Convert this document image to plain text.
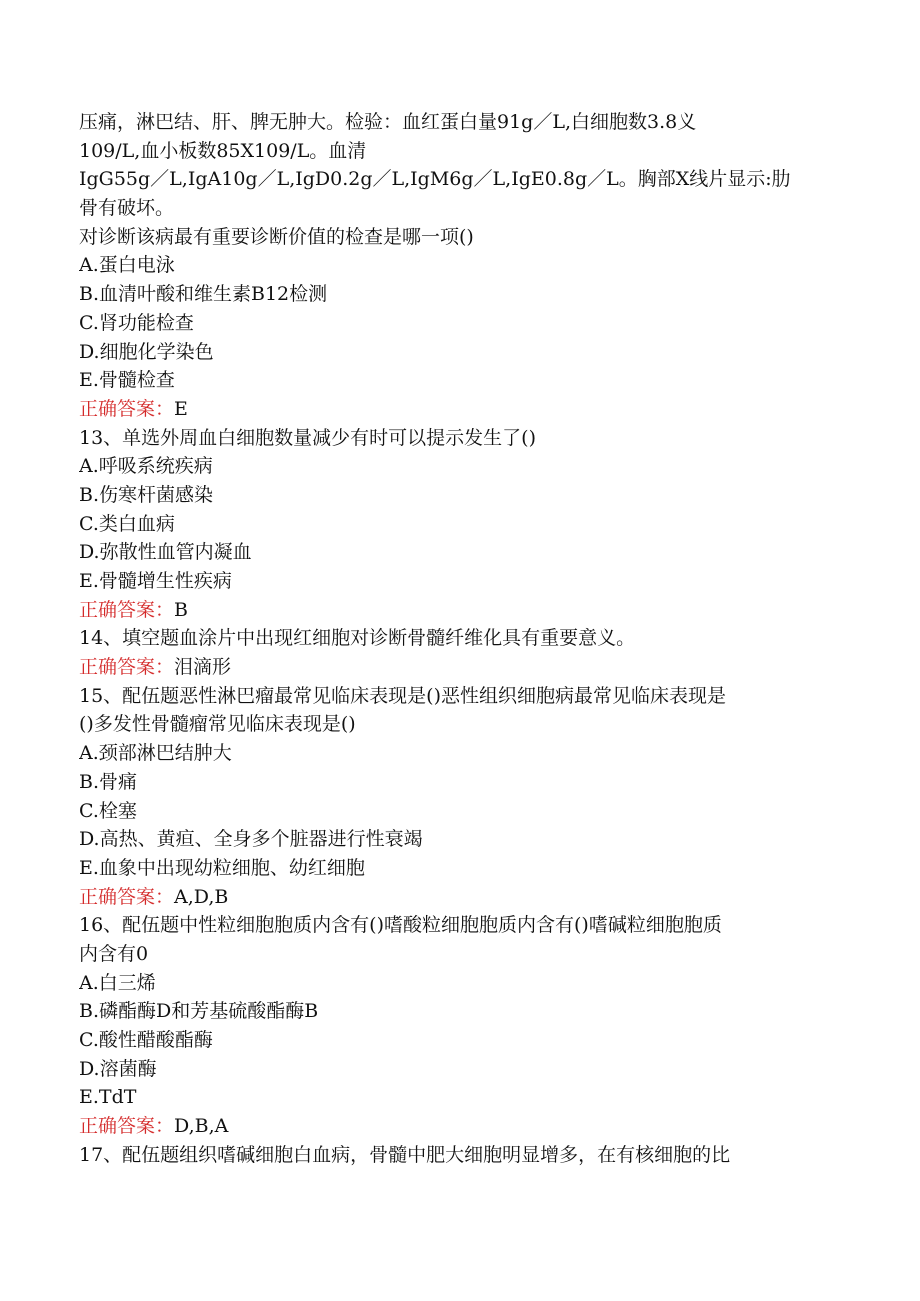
压痛，淋巴结、肝、脾无肿大。检验：血红蛋白量91g／L,白细胞数3.8义
109/L,血小板数85X109/L。血清
IgG55g／L,IgA10g／L,IgD0.2g／L,IgM6g／L,IgE0.8g／L。胸部X线片显示:肋
骨有破坏。
对诊断该病最有重要诊断价值的检查是哪一项()
A.蛋白电泳
B.血清叶酸和维生素B12检测
C.肾功能检查
D.细胞化学染色
E.骨髓检查
正确答案：E
13、单选外周血白细胞数量减少有时可以提示发生了()
A.呼吸系统疾病
B.伤寒杆菌感染
C.类白血病
D.弥散性血管内凝血
E.骨髓增生性疾病
正确答案：B
14、填空题血涂片中出现红细胞对诊断骨髓纤维化具有重要意义。
正确答案：泪滴形
15、配伍题恶性淋巴瘤最常见临床表现是()恶性组织细胞病最常见临床表现是
()多发性骨髓瘤常见临床表现是()
A.颈部淋巴结肿大
B.骨痛
C.栓塞
D.高热、黄疸、全身多个脏器进行性衰竭
E.血象中出现幼粒细胞、幼红细胞
正确答案：A,D,B
16、配伍题中性粒细胞胞质内含有()嗜酸粒细胞胞质内含有()嗜碱粒细胞胞质
内含有0
A.白三烯
B.磷酯酶D和芳基硫酸酯酶B
C.酸性醋酸酯酶
D.溶菌酶
E.TdT
正确答案：D,B,A
17、配伍题组织嗜碱细胞白血病，骨髓中肥大细胞明显增多，在有核细胞的比
